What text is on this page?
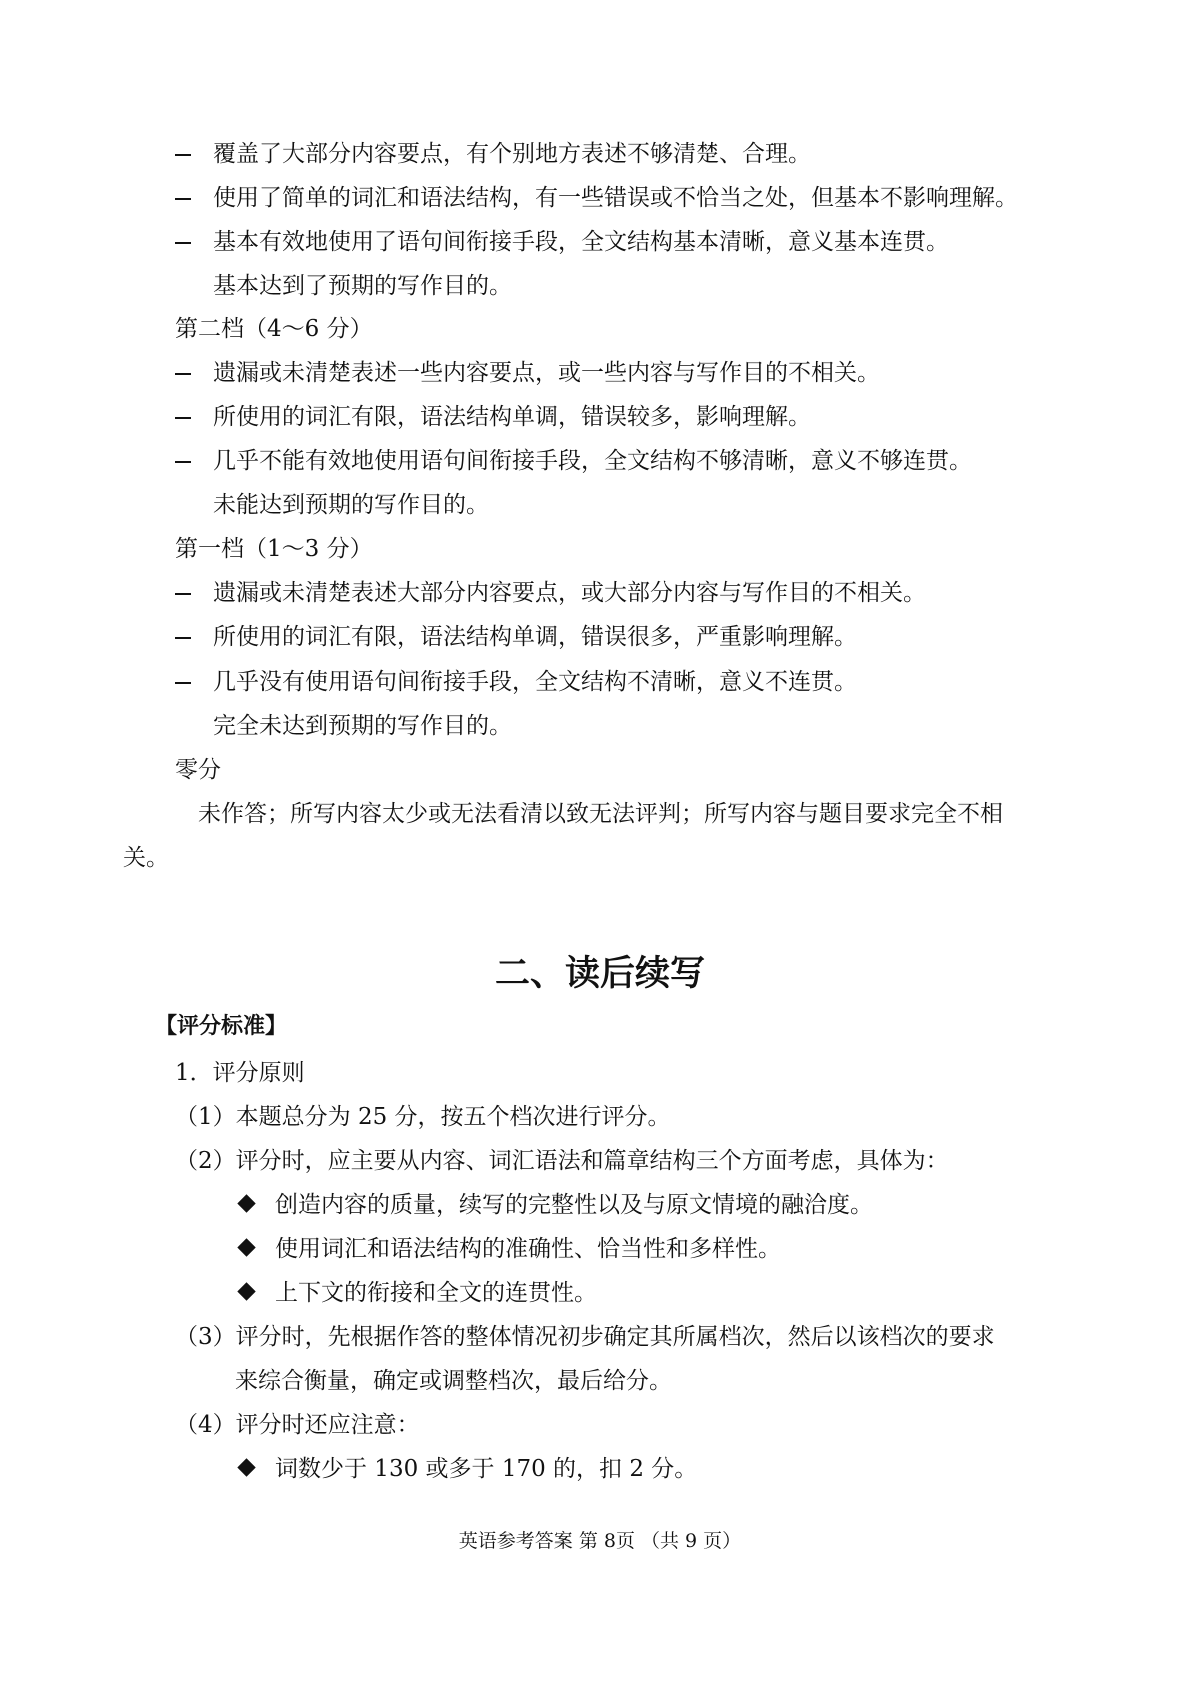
覆盖了大部分内容要点，有个别地方表述不够清楚、合理。
使用了简单的词汇和语法结构，有一些错误或不恰当之处，但基本不影响理解。
基本有效地使用了语句间衔接手段，全文结构基本清晰，意义基本连贯。
基本达到了预期的写作目的。
第二档（4～6 分）
遗漏或未清楚表述一些内容要点，或一些内容与写作目的不相关。
所使用的词汇有限，语法结构单调，错误较多，影响理解。
几乎不能有效地使用语句间衔接手段，全文结构不够清晰，意义不够连贯。
未能达到预期的写作目的。
第一档（1～3 分）
遗漏或未清楚表述大部分内容要点，或大部分内容与写作目的不相关。
所使用的词汇有限，语法结构单调，错误很多，严重影响理解。
几乎没有使用语句间衔接手段，全文结构不清晰，意义不连贯。
完全未达到预期的写作目的。
零分
未作答；所写内容太少或无法看清以致无法评判；所写内容与题目要求完全不相
关。
二、读后续写
【评分标准】
1．评分原则
（1）本题总分为 25 分，按五个档次进行评分。
（2）评分时，应主要从内容、词汇语法和篇章结构三个方面考虑，具体为：
创造内容的质量，续写的完整性以及与原文情境的融洽度。
使用词汇和语法结构的准确性、恰当性和多样性。
上下文的衔接和全文的连贯性。
（3）评分时，先根据作答的整体情况初步确定其所属档次，然后以该档次的要求
来综合衡量，确定或调整档次，最后给分。
（4）评分时还应注意：
词数少于 130 或多于 170 的，扣 2 分。
英语参考答案 第 8页 （共 9 页）
